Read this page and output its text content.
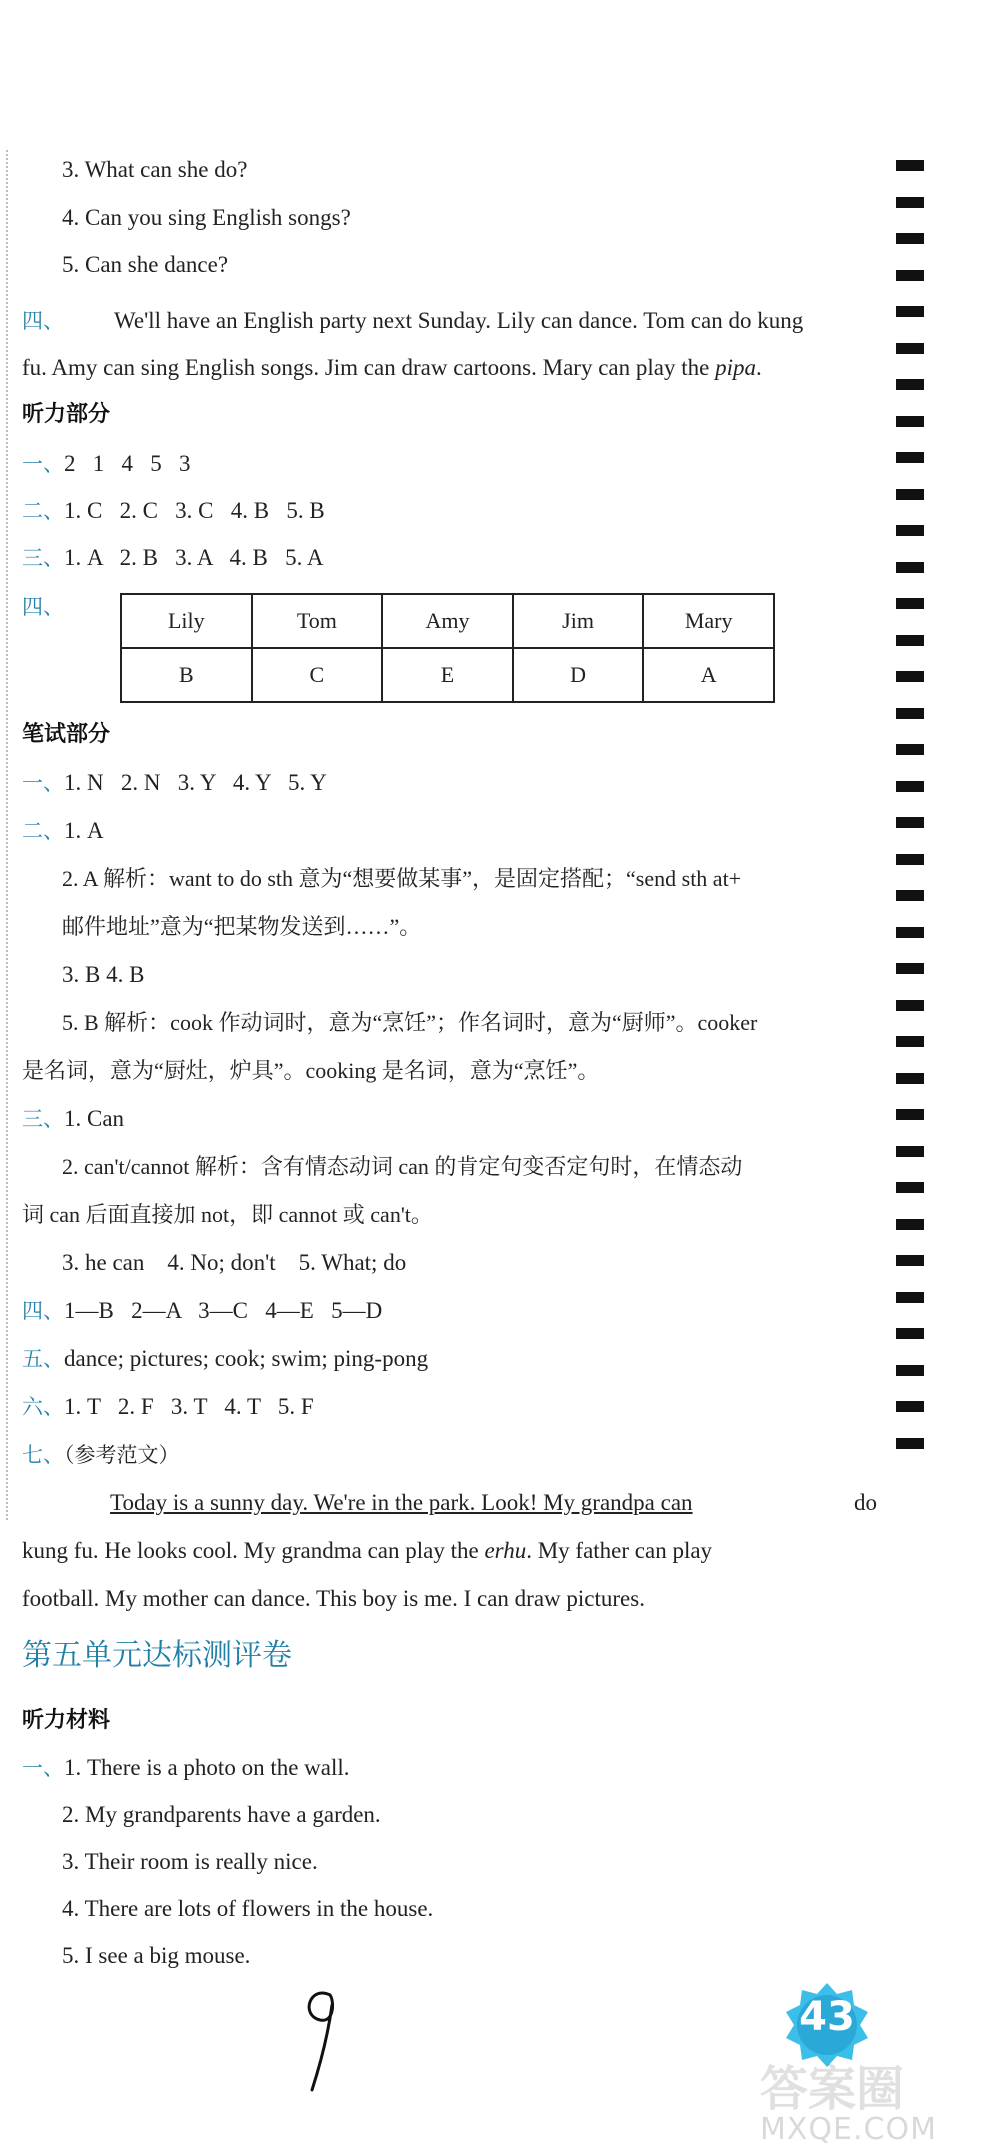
3. What can she do?
4. Can you sing English songs?
5. Can she dance?
四、 We'll have an English party next Sunday. Lily can dance. Tom can do kung
fu. Amy can sing English songs. Jim can draw cartoons. Mary can play the pipa.
听力部分
一、2   1   4   5   3
二、1. C   2. C   3. C   4. B   5. B
三、1. A   2. B   3. A   4. B   5. A
四、
Lily	Tom	Amy	Jim	Mary
B	C	E	D	A
笔试部分
一、1. N   2. N   3. Y   4. Y   5. Y
二、1. A
2. A 解析：want to do sth 意为“想要做某事”，是固定搭配；“send sth at+
邮件地址”意为“把某物发送到……”。
3. B 4. B
5. B 解析：cook 作动词时，意为“烹饪”；作名词时，意为“厨师”。cooker
是名词，意为“厨灶，炉具”。cooking 是名词，意为“烹饪”。
三、1. Can
2. can't/cannot 解析：含有情态动词 can 的肯定句变否定句时，在情态动
词 can 后面直接加 not，即 cannot 或 can't。
3. he can    4. No; don't    5. What; do
四、1—B   2—A   3—C   4—E   5—D
五、dance; pictures; cook; swim; ping-pong
六、1. T   2. F   3. T   4. T   5. F
七、（参考范文）
Today is a sunny day. We're in the park. Look! My grandpa can	do
kung fu. He looks cool. My grandma can play the erhu. My father can play
football. My mother can dance. This boy is me. I can draw pictures.
第五单元达标测评卷
听力材料
一、1. There is a photo on the wall.
2. My grandparents have a garden.
3. Their room is really nice.
4. There are lots of flowers in the house.
5. I see a big mouse.
43
答案圈
MXQE.COM
